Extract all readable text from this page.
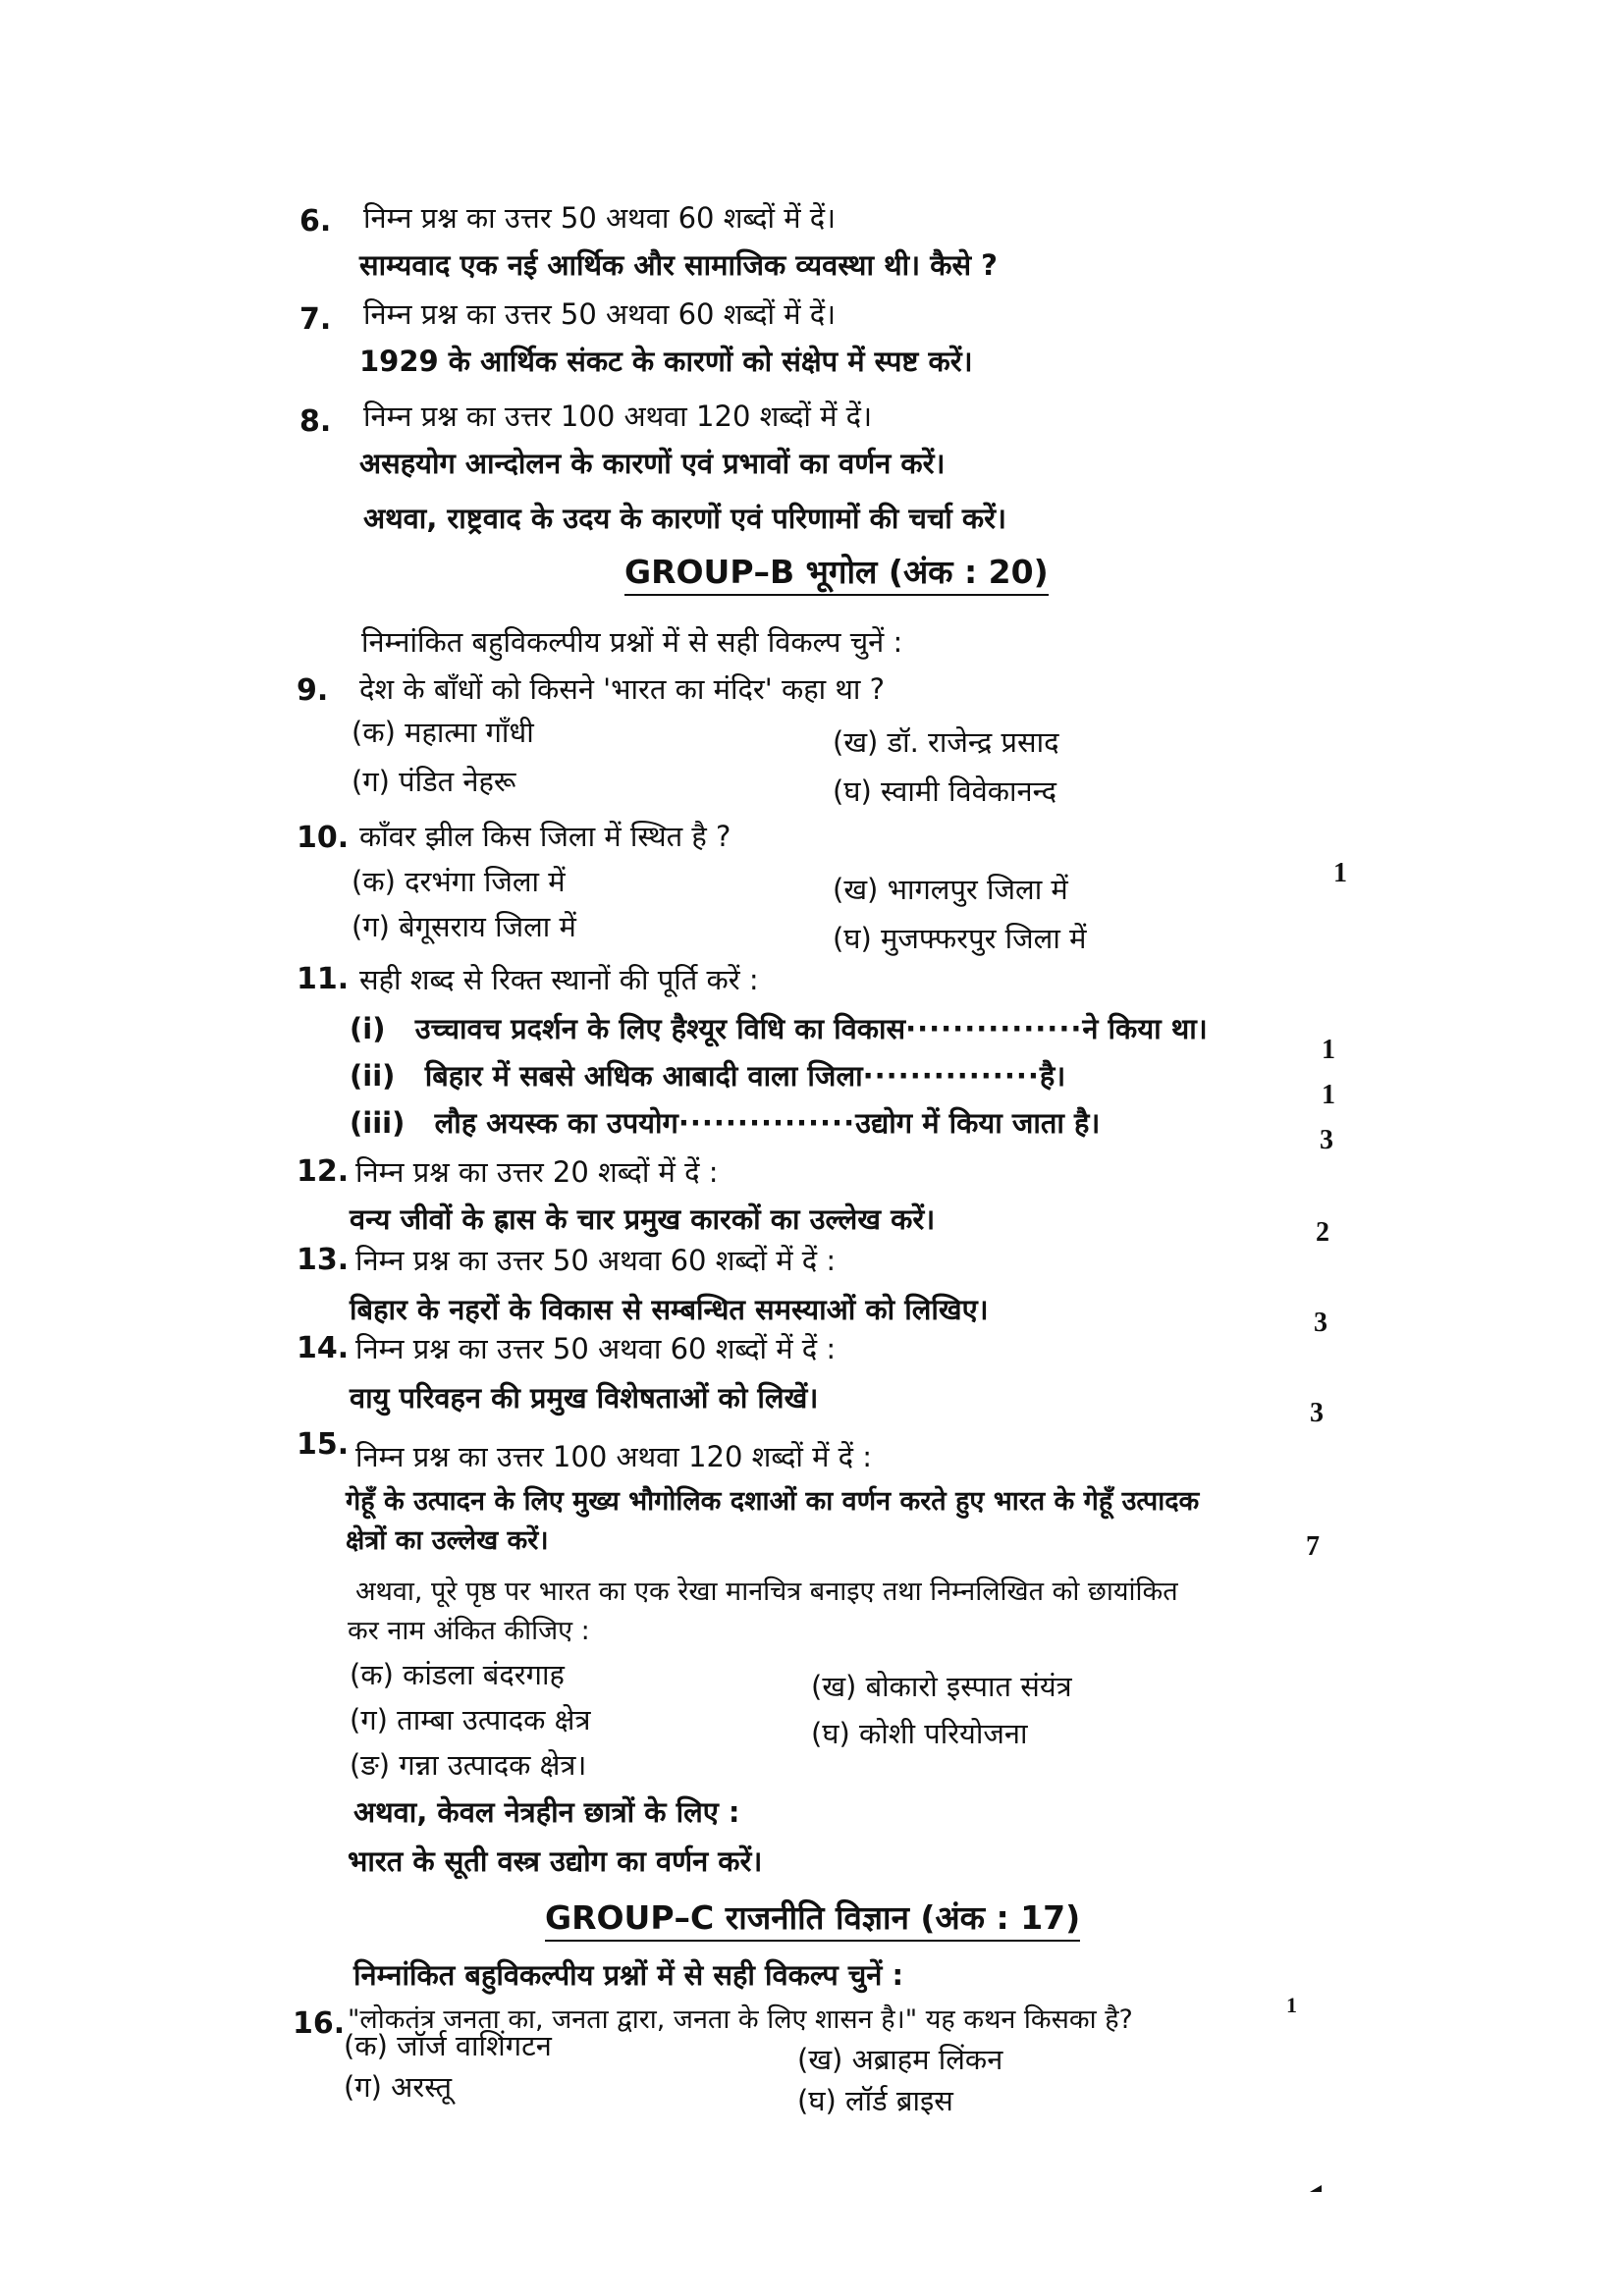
6. निम्न प्रश्न का उत्तर 50 अथवा 60 शब्दों में दें।
साम्यवाद एक नई आर्थिक और सामाजिक व्यवस्था थी। कैसे ?
7. निम्न प्रश्न का उत्तर 50 अथवा 60 शब्दों में दें।
1929 के आर्थिक संकट के कारणों को संक्षेप में स्पष्ट करें।
8. निम्न प्रश्न का उत्तर 100 अथवा 120 शब्दों में दें।
असहयोग आन्दोलन के कारणों एवं प्रभावों का वर्णन करें।
अथवा, राष्ट्रवाद के उदय के कारणों एवं परिणामों की चर्चा करें।
GROUP–B भूगोल (अंक : 20)
निम्नांकित बहुविकल्पीय प्रश्नों में से सही विकल्प चुनें :
9. देश के बाँधों को किसने 'भारत का मंदिर' कहा था ?
(क) महात्मा गाँधी	(ख) डॉ. राजेन्द्र प्रसाद
(ग) पंडित नेहरू	(घ) स्वामी विवेकानन्द
10. काँवर झील किस जिला में स्थित है ?
(क) दरभंगा जिला में	(ख) भागलपुर जिला में	1
(ग) बेगूसराय जिला में	(घ) मुजफ्फरपुर जिला में
11. सही शब्द से रिक्त स्थानों की पूर्ति करें :
(i) उच्चावच प्रदर्शन के लिए हैश्यूर विधि का विकास···············ने किया था।
1
(ii) बिहार में सबसे अधिक आबादी वाला जिला···············है।
1
(iii) लौह अयस्क का उपयोग···············उद्योग में किया जाता है।
3
12. निम्न प्रश्न का उत्तर 20 शब्दों में दें :
वन्य जीवों के ह्रास के चार प्रमुख कारकों का उल्लेख करें।	2
13. निम्न प्रश्न का उत्तर 50 अथवा 60 शब्दों में दें :
बिहार के नहरों के विकास से सम्बन्धित समस्याओं को लिखिए।	3
14. निम्न प्रश्न का उत्तर 50 अथवा 60 शब्दों में दें :
वायु परिवहन की प्रमुख विशेषताओं को लिखें।	3
15. निम्न प्रश्न का उत्तर 100 अथवा 120 शब्दों में दें :
गेहूँ के उत्पादन के लिए मुख्य भौगोलिक दशाओं का वर्णन करते हुए भारत के गेहूँ उत्पादक
क्षेत्रों का उल्लेख करें।	7
अथवा, पूरे पृष्ठ पर भारत का एक रेखा मानचित्र बनाइए तथा निम्नलिखित को छायांकित
कर नाम अंकित कीजिए :
(क) कांडला बंदरगाह	(ख) बोकारो इस्पात संयंत्र
(ग) ताम्बा उत्पादक क्षेत्र	(घ) कोशी परियोजना
(ङ) गन्ना उत्पादक क्षेत्र।
अथवा, केवल नेत्रहीन छात्रों के लिए :
भारत के सूती वस्त्र उद्योग का वर्णन करें।
GROUP–C राजनीति विज्ञान (अंक : 17)
निम्नांकित बहुविकल्पीय प्रश्नों में से सही विकल्प चुनें :
16. "लोकतंत्र जनता का, जनता द्वारा, जनता के लिए शासन है।" यह कथन किसका है?	1
(क) जॉर्ज वाशिंगटन	(ख) अब्राहम लिंकन
(ग) अरस्तू	(घ) लॉर्ड ब्राइस
